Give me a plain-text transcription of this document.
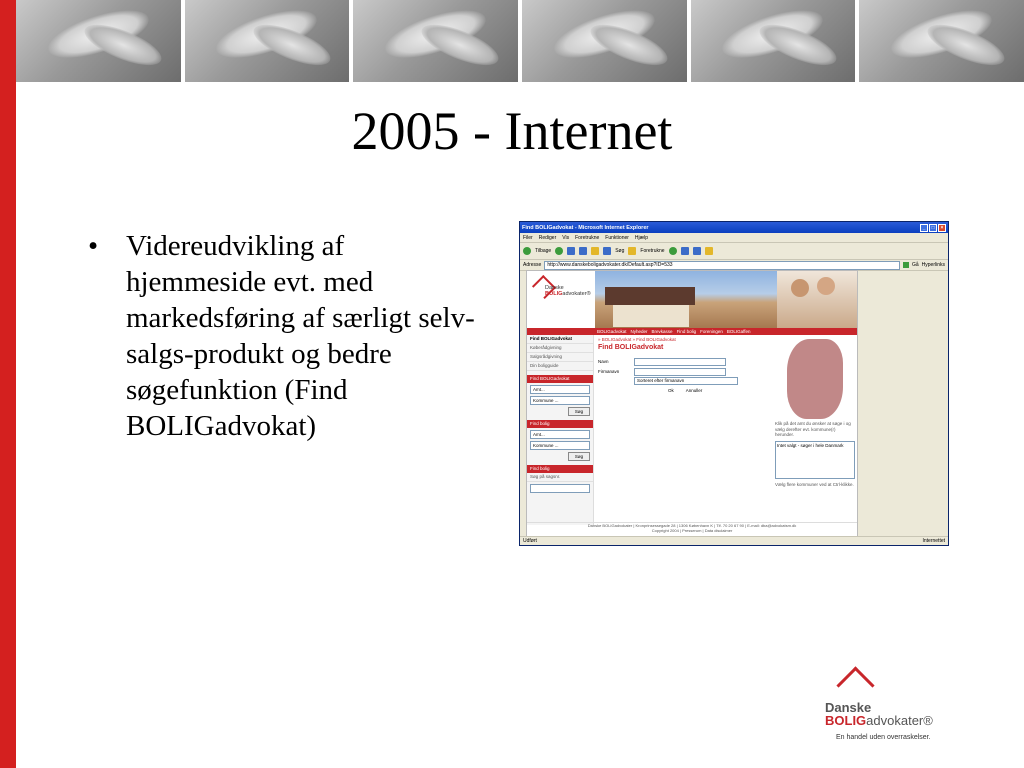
2005 - Internet
• Videreudvikling af hjemmeside evt. med markedsføring af særligt selv-salgs-produkt og bedre søgefunktion (Find BOLIGadvokat)
Find BOLIGadvokat - Microsoft Internet Explorer	_	□	×
Filer Rediger Vis Foretrukne Funktioner Hjælp
Tilbage	Søg	Foretrukne
Adresse	http://www.danskeboligadvokater.dk/Default.asp?ID=533	Gå Hyperlinks
Danske
BOLIGadvokater®
BOLIGadvokat Nyheder Brevkasse Find bolig Foreningen BOLIGaffen
Find BOLIGadvokat
Køberådgivning
Salgsrådgivning
Din boligguide
Find BOLIGadvokat
Amt...
Kommune ...
Søg
Find bolig
Amt...
Kommune ...
Søg
Find bolig
Søg på sagsnr.
» BOLIGadvokat » Find BOLIGadvokat
Find BOLIGadvokat
Navn
Firmanavn
Sorteret efter firmanavn
Ok	Annuller
Klik på det amt du ønsker at søge i og vælg derefter evt. kommune(r) herunder.
Intet valgt - søger i hele Danmark
Vælg flere kommuner ved at Ctrl-klikke.
Danske BOLIGadvokater | Kronprinsessegade 28 | 1306 København K | Tlf. 70 20 67 90 | E-mail: dba@advokatsm.dk
Copyright 2004 | Presserum | Data disclaimer
Udført	Internettet
Danske
BOLIGadvokater®
En handel uden overraskelser.
